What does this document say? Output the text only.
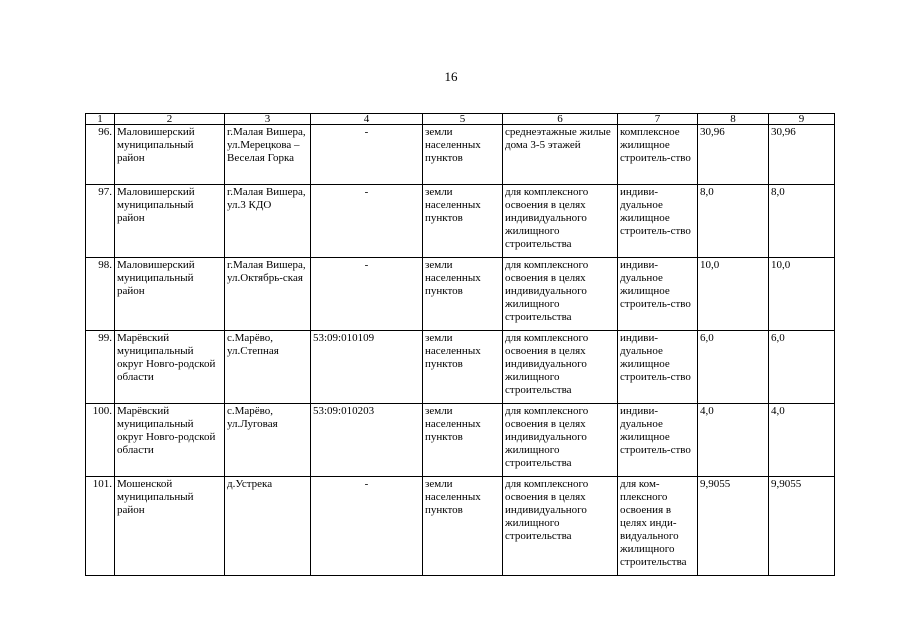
16
1	2	3	4	5	6	7	8	9
96.	Маловишерский муниципальный район	г.Малая Вишера, ул.Мерецкова – Веселая Горка	-	земли населенных пунктов	среднеэтажные жилые дома 3-5 этажей	комплексное жилищное строитель-ство	30,96	30,96
97.	Маловишерский муниципальный район	г.Малая Вишера, ул.3 КДО	-	земли населенных пунктов	для комплексного освоения в целях индивидуального жилищного строительства	индиви-дуальное жилищное строитель-ство	8,0	8,0
98.	Маловишерский муниципальный район	г.Малая Вишера, ул.Октябрь-ская	-	земли населенных пунктов	для комплексного освоения в целях индивидуального жилищного строительства	индиви-дуальное жилищное строитель-ство	10,0	10,0
99.	Марёвский муниципальный округ Новго-родской области	с.Марёво, ул.Степная	53:09:010109	земли населенных пунктов	для комплексного освоения в целях индивидуального жилищного строительства	индиви-дуальное жилищное строитель-ство	6,0	6,0
100.	Марёвский муниципальный округ Новго-родской области	с.Марёво, ул.Луговая	53:09:010203	земли населенных пунктов	для комплексного освоения в целях индивидуального жилищного строительства	индиви-дуальное жилищное строитель-ство	4,0	4,0
101.	Мошенской муниципальный район	д.Устрека	-	земли населенных пунктов	для комплексного освоения в целях индивидуального жилищного строительства	для ком-плексного освоения в целях инди-видуального жилищного строительства	9,9055	9,9055
